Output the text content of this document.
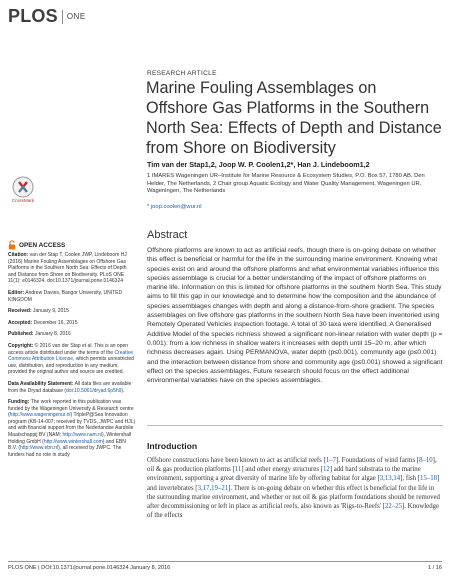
PLOS ONE
RESEARCH ARTICLE
Marine Fouling Assemblages on Offshore Gas Platforms in the Southern North Sea: Effects of Depth and Distance from Shore on Biodiversity
Tim van der Stap1,2, Joop W. P. Coolen1,2*, Han J. Lindeboom1,2
1 IMARES Wageningen UR–Institute for Marine Resource & Ecosystem Studies, P.O. Box 57, 1780 AB, Den Helder, The Netherlands, 2 Chair group Aquatic Ecology and Water Quality Management, Wageningen UR, Wageningen, The Netherlands
* joop.coolen@wur.nl
CrossMark
OPEN ACCESS

Citation: van der Stap T, Coolen JWP, Lindeboom HJ (2016) Marine Fouling Assemblages on Offshore Gas Platforms in the Southern North Sea: Effects of Depth and Distance from Shore on Biodiversity. PLoS ONE 11(1): e0146324. doi:10.1371/journal.pone.0146324

Editor: Andrew Davies, Bangor University, UNITED KINGDOM

Received: January 9, 2015

Accepted: December 16, 2015

Published: January 8, 2016

Copyright: © 2016 van der Stap et al. This is an open access article distributed under the terms of the Creative Commons Attribution License, which permits unrestricted use, distribution, and reproduction in any medium, provided the original author and source are credited.

Data Availability Statement: All data files are available from the Dryad database (doi:10.5061/dryad.6p5h9).

Funding: The work reported in this publication was funded by the Wageningen University & Research centre (http://www.wageningenur.nl) TripleP@Sea Innovation program (KB-14-007; received by TVDS, JWPC and HJL) and with financial support from the Nederlandse Aardolie Maatschappij BV (NAM; http://www.nam.nl), Wintershall Holding GmbH (http://www.wintershall.com) and EBN B.V. (http://www.ebn.nl), all received by JWPC. The funders had no role in study

Abstract

Offshore platforms are known to act as artificial reefs, though there is on-going debate on whether this effect is beneficial or harmful for the life in the surrounding marine environment. Knowing what species exist on and around the offshore platforms and what environmental variables influence this species assemblage is crucial for a better understanding of the impact of offshore platforms on marine life. Information on this is limited for offshore platforms in the southern North Sea. This study aims to fill this gap in our knowledge and to determine how the composition and the abundance of species assemblages changes with depth and along a distance-from-shore gradient. The species assemblages on five offshore gas platforms in the southern North Sea have been inventoried using Remotely Operated Vehicles inspection footage. A total of 30 taxa were identified. A Generalised Additive Model of the species richness showed a significant non-linear relation with water depth (p = 0.001): from a low richness in shallow waters it increases with depth until 15–20 m, after which richness decreases again. Using PERMANOVA, water depth (p≤0.001), community age (p≤0.001) and the interaction between distance from shore and community age (p≤0.001) showed a significant effect on the species assemblages. Future research should focus on the effect additional environmental variables have on the species assemblages.

Introduction

Offshore constructions have been known to act as artificial reefs [1–7]. Foundations of wind farms [8–10], oil & gas production platforms [11] and other energy structures [12] add hard substrata to the marine environment, supporting a great diversity of marine life by offering habitat for algae [3,13,14], fish [15–18] and invertebrates [3,17,19–21]. There is on-going debate on whether this effect is beneficial for the life in the surrounding marine environment, and whether or not oil & gas platform foundations should be removed after decommissioning or left in place as artificial reefs, also known as 'Rigs-to-Reefs' [22–25]. Knowledge of the effects

PLOS ONE | DOI:10.1371/journal.pone.0146324 January 8, 2016	1 / 16
